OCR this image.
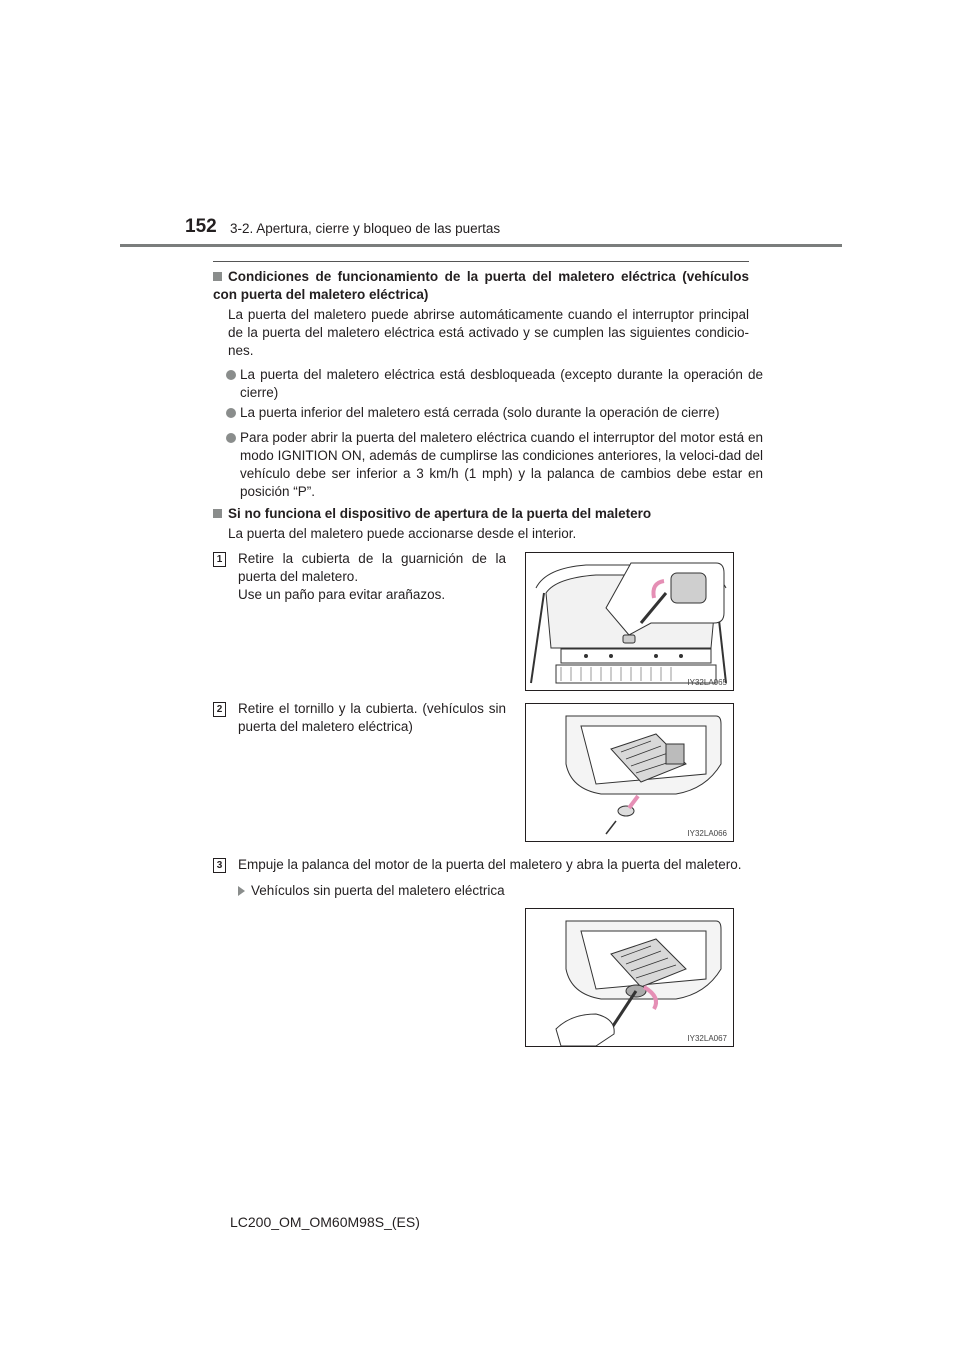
152 3-2. Apertura, cierre y bloqueo de las puertas
Condiciones de funcionamiento de la puerta del maletero eléctrica (vehículos con puerta del maletero eléctrica)
La puerta del maletero puede abrirse automáticamente cuando el interruptor principal de la puerta del maletero eléctrica está activado y se cumplen las siguientes condicio-nes.
La puerta del maletero eléctrica está desbloqueada (excepto durante la operación de cierre)
La puerta inferior del maletero está cerrada (solo durante la operación de cierre)
Para poder abrir la puerta del maletero eléctrica cuando el interruptor del motor está en modo IGNITION ON, además de cumplirse las condiciones anteriores, la veloci-dad del vehículo debe ser inferior a 3 km/h (1 mph) y la palanca de cambios debe estar en posición “P”.
Si no funciona el dispositivo de apertura de la puerta del maletero
La puerta del maletero puede accionarse desde el interior.
1 Retire la cubierta de la guarnición de la puerta del maletero.
Use un paño para evitar arañazos.
IY32LA065
2 Retire el tornillo y la cubierta. (vehículos sin puerta del maletero eléctrica)
IY32LA066
3 Empuje la palanca del motor de la puerta del maletero y abra la puerta del maletero.
Vehículos sin puerta del maletero eléctrica
IY32LA067
LC200_OM_OM60M98S_(ES)
